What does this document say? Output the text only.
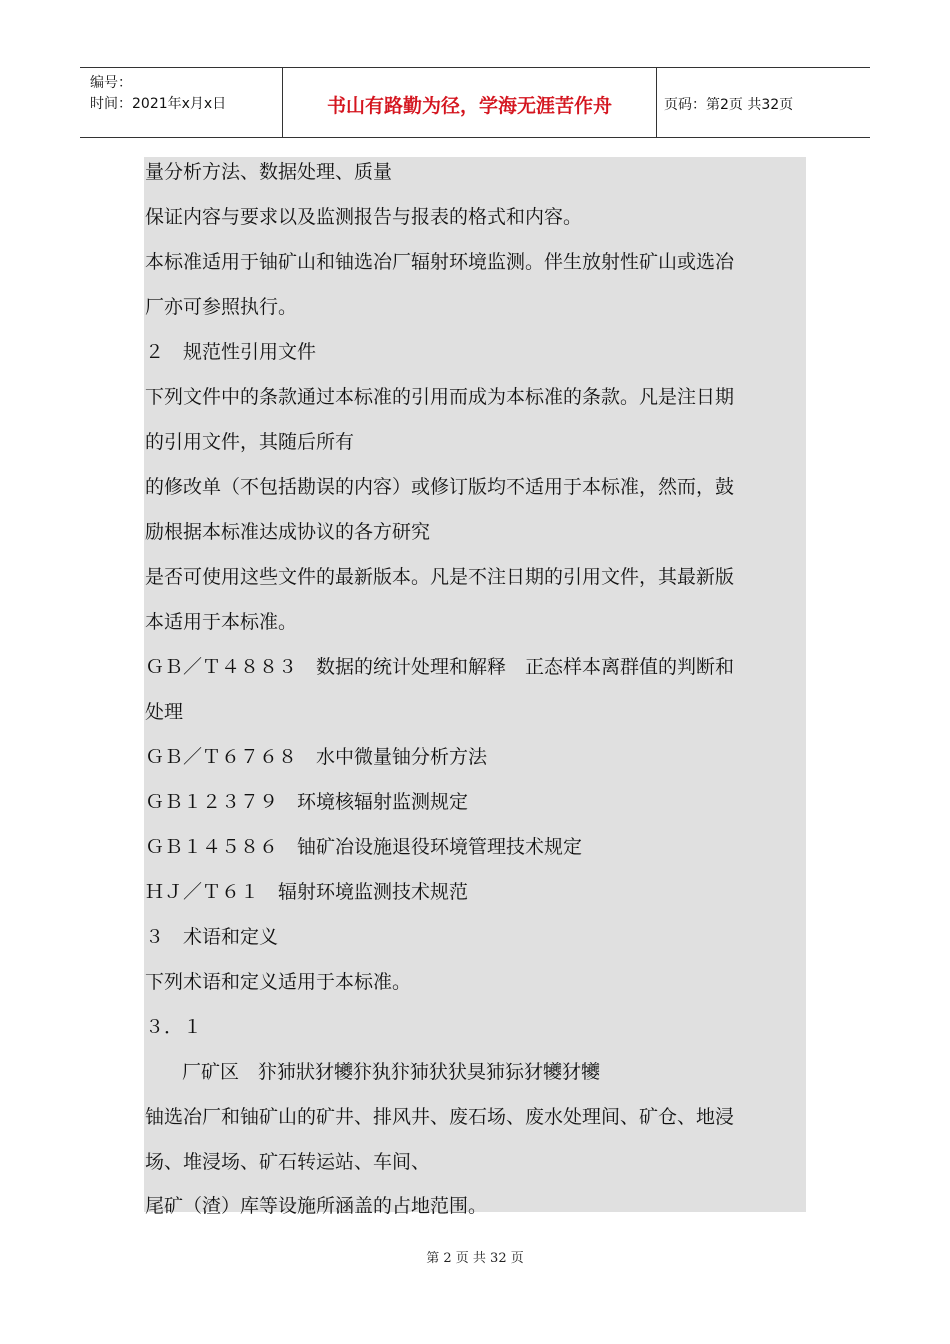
编号：
时间：2021年x月x日	书山有路勤为径，学海无涯苦作舟	页码：第2页 共32页
量分析方法、数据处理、质量
保证内容与要求以及监测报告与报表的格式和内容。
本标准适用于铀矿山和铀选冶厂辐射环境监测。伴生放射性矿山或选冶
厂亦可参照执行。
２　规范性引用文件
下列文件中的条款通过本标准的引用而成为本标准的条款。凡是注日期
的引用文件，其随后所有
的修改单（不包括勘误的内容）或修订版均不适用于本标准，然而，鼓
励根据本标准达成协议的各方研究
是否可使用这些文件的最新版本。凡是不注日期的引用文件，其最新版
本适用于本标准。
ＧＢ／Ｔ４８８３　数据的统计处理和解释　正态样本离群值的判断和
处理
ＧＢ／Ｔ６７６８　水中微量铀分析方法
ＧＢ１２３７９　环境核辐射监测规定
ＧＢ１４５８６　铀矿冶设施退役环境管理技术规定
ＨＪ／Ｔ６１　辐射环境监测技术规范
３　术语和定义
下列术语和定义适用于本标准。
３．１
　厂矿区　犿犻狀犲犪犿犱犿犻犾犾狊犻狋犲犪犲犪
铀选冶厂和铀矿山的矿井、排风井、废石场、废水处理间、矿仓、地浸
场、堆浸场、矿石转运站、车间、
尾矿（渣）库等设施所涵盖的占地范围。
第 2 页 共 32 页
